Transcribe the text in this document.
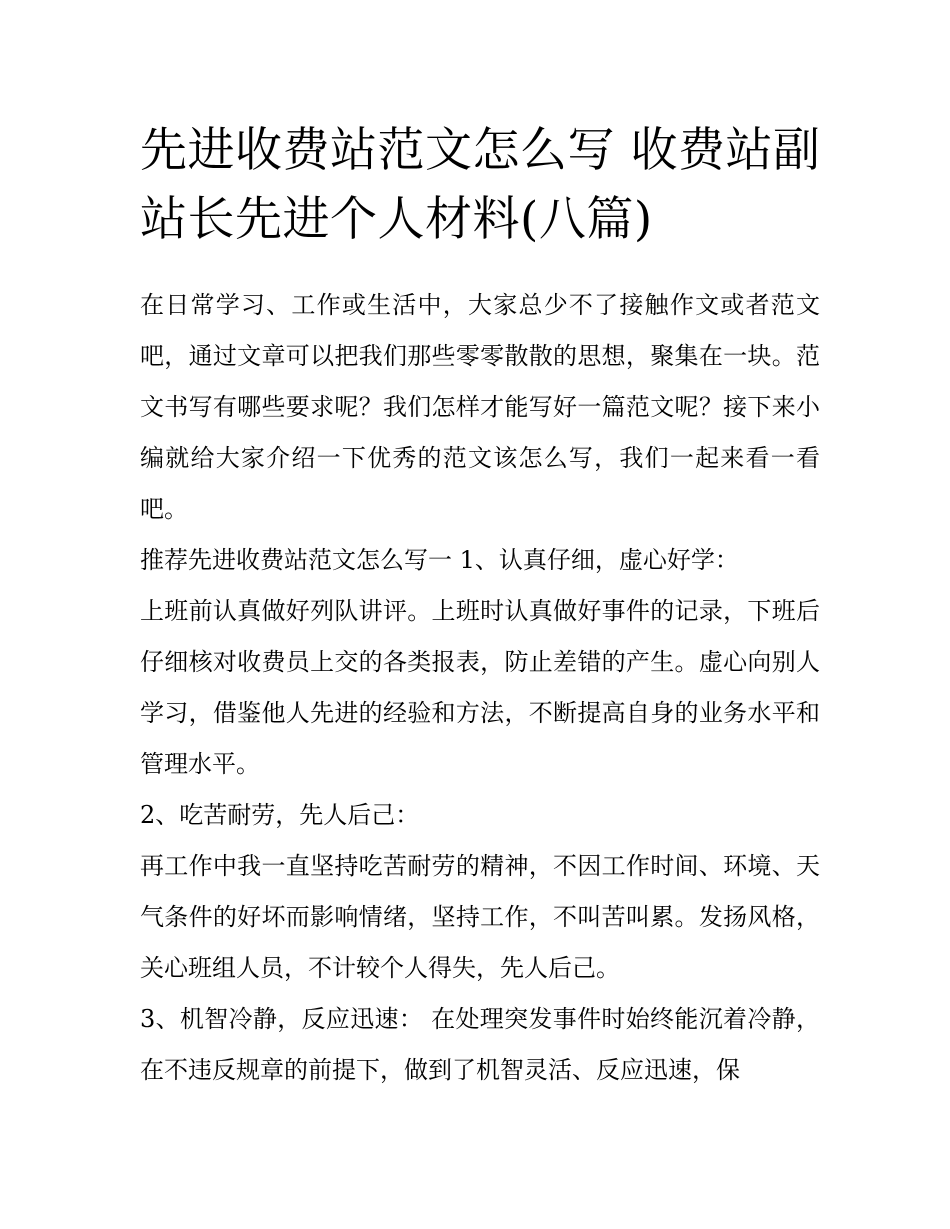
先进收费站范文怎么写 收费站副站长先进个人材料(八篇)

在日常学习、工作或生活中，大家总少不了接触作文或者范文吧，通过文章可以把我们那些零零散散的思想，聚集在一块。范文书写有哪些要求呢？我们怎样才能写好一篇范文呢？接下来小编就给大家介绍一下优秀的范文该怎么写，我们一起来看一看吧。

推荐先进收费站范文怎么写一 1、认真仔细，虚心好学：

上班前认真做好列队讲评。上班时认真做好事件的记录，下班后仔细核对收费员上交的各类报表，防止差错的产生。虚心向别人学习，借鉴他人先进的经验和方法，不断提高自身的业务水平和管理水平。

2、吃苦耐劳，先人后己：

再工作中我一直坚持吃苦耐劳的精神，不因工作时间、环境、天气条件的好坏而影响情绪，坚持工作，不叫苦叫累。发扬风格，关心班组人员，不计较个人得失，先人后己。

3、机智冷静，反应迅速： 在处理突发事件时始终能沉着冷静，在不违反规章的前提下，做到了机智灵活、反应迅速，保
